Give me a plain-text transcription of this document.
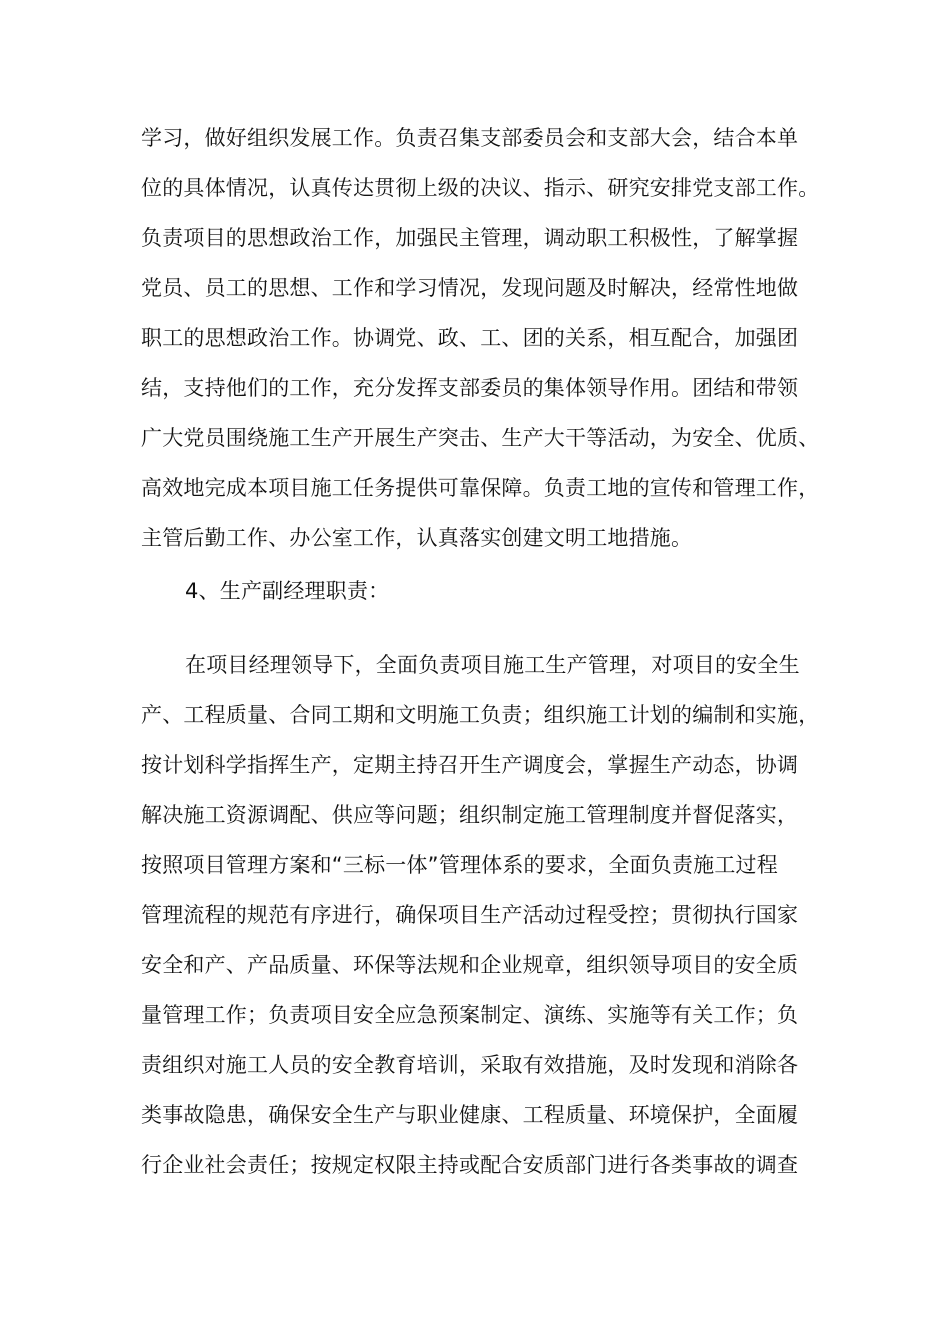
学习，做好组织发展工作。负责召集支部委员会和支部大会，结合本单
位的具体情况，认真传达贯彻上级的决议、指示、研究安排党支部工作。
负责项目的思想政治工作，加强民主管理，调动职工积极性，了解掌握
党员、员工的思想、工作和学习情况，发现问题及时解决，经常性地做
职工的思想政治工作。协调党、政、工、团的关系，相互配合，加强团
结，支持他们的工作，充分发挥支部委员的集体领导作用。团结和带领
广大党员围绕施工生产开展生产突击、生产大干等活动，为安全、优质、
高效地完成本项目施工任务提供可靠保障。负责工地的宣传和管理工作，
主管后勤工作、办公室工作，认真落实创建文明工地措施。
4、生产副经理职责：
在项目经理领导下，全面负责项目施工生产管理，对项目的安全生
产、工程质量、合同工期和文明施工负责；组织施工计划的编制和实施，
按计划科学指挥生产，定期主持召开生产调度会，掌握生产动态，协调
解决施工资源调配、供应等问题；组织制定施工管理制度并督促落实，
按照项目管理方案和“三标一体”管理体系的要求，全面负责施工过程
管理流程的规范有序进行，确保项目生产活动过程受控；贯彻执行国家
安全和产、产品质量、环保等法规和企业规章，组织领导项目的安全质
量管理工作；负责项目安全应急预案制定、演练、实施等有关工作；负
责组织对施工人员的安全教育培训，采取有效措施，及时发现和消除各
类事故隐患，确保安全生产与职业健康、工程质量、环境保护，全面履
行企业社会责任；按规定权限主持或配合安质部门进行各类事故的调查
